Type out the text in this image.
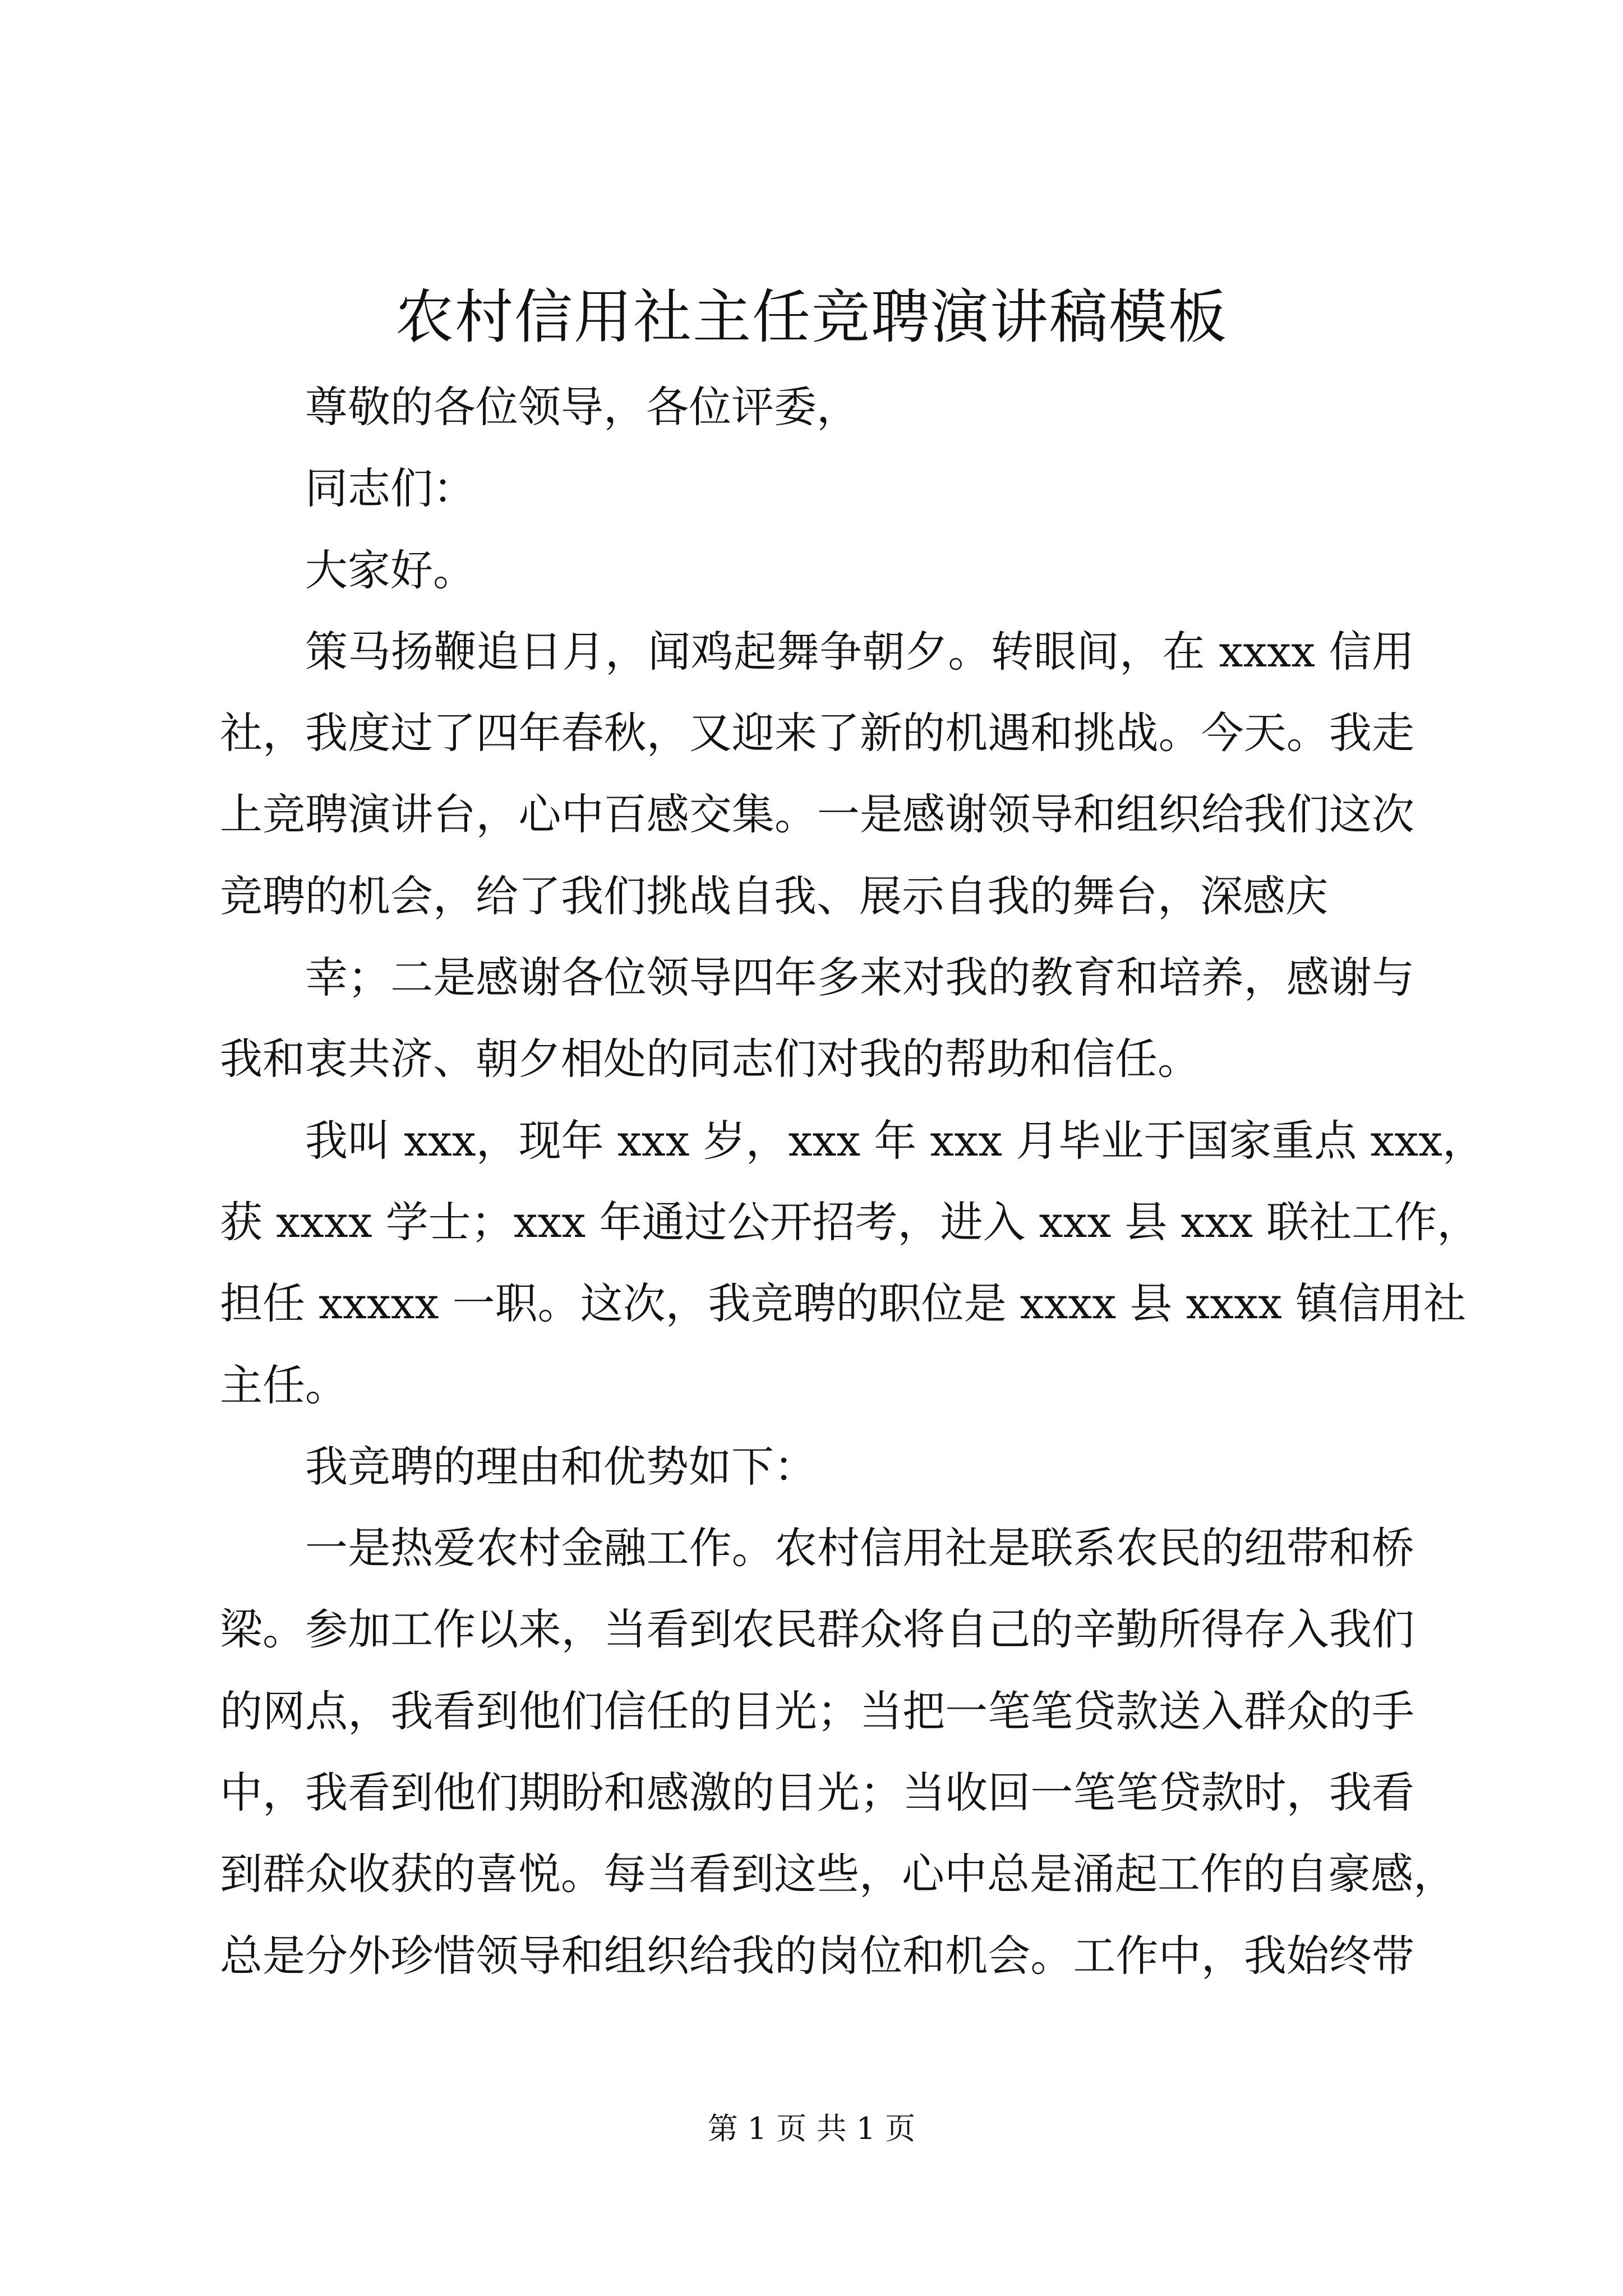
农村信用社主任竞聘演讲稿模板
尊敬的各位领导，各位评委，
同志们：
大家好。
策马扬鞭追日月，闻鸡起舞争朝夕。转眼间，在 xxxx 信用
社，我度过了四年春秋，又迎来了新的机遇和挑战。今天。我走
上竞聘演讲台，心中百感交集。一是感谢领导和组织给我们这次
竞聘的机会，给了我们挑战自我、展示自我的舞台，深感庆
幸；二是感谢各位领导四年多来对我的教育和培养，感谢与
我和衷共济、朝夕相处的同志们对我的帮助和信任。
我叫 xxx，现年 xxx 岁，xxx 年 xxx 月毕业于国家重点 xxx，
获 xxxx 学士；xxx 年通过公开招考，进入 xxx 县 xxx 联社工作，
担任 xxxxx 一职。这次，我竞聘的职位是 xxxx 县 xxxx 镇信用社
主任。
我竞聘的理由和优势如下：
一是热爱农村金融工作。农村信用社是联系农民的纽带和桥
梁。参加工作以来，当看到农民群众将自己的辛勤所得存入我们
的网点，我看到他们信任的目光；当把一笔笔贷款送入群众的手
中，我看到他们期盼和感激的目光；当收回一笔笔贷款时，我看
到群众收获的喜悦。每当看到这些，心中总是涌起工作的自豪感，
总是分外珍惜领导和组织给我的岗位和机会。工作中，我始终带
第 1 页 共 1 页
